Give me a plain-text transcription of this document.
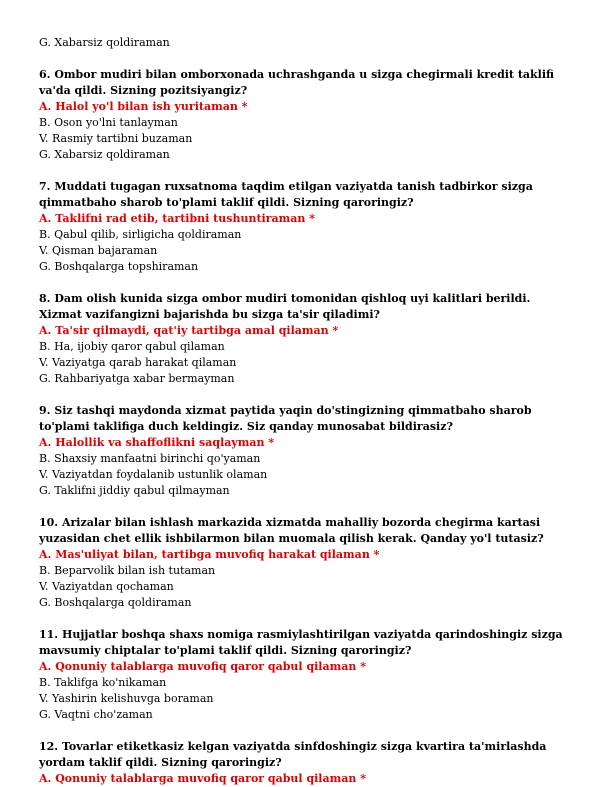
G. Xabarsiz qoldiraman
6. Ombor mudiri bilan omborxonada uchrashganda u sizga chegirmali kredit taklifi
va'da qildi. Sizning pozitsiyangiz?
A. Halol yo'l bilan ish yuritaman *
B. Oson yo'lni tanlayman
V. Rasmiy tartibni buzaman
G. Xabarsiz qoldiraman
7. Muddati tugagan ruxsatnoma taqdim etilgan vaziyatda tanish tadbirkor sizga
qimmatbaho sharob to'plami taklif qildi. Sizning qaroringiz?
A. Taklifni rad etib, tartibni tushuntiraman *
B. Qabul qilib, sirligicha qoldiraman
V. Qisman bajaraman
G. Boshqalarga topshiraman
8. Dam olish kunida sizga ombor mudiri tomonidan qishloq uyi kalitlari berildi.
Xizmat vazifangizni bajarishda bu sizga ta'sir qiladimi?
A. Ta'sir qilmaydi, qat'iy tartibga amal qilaman *
B. Ha, ijobiy qaror qabul qilaman
V. Vaziyatga qarab harakat qilaman
G. Rahbariyatga xabar bermayman
9. Siz tashqi maydonda xizmat paytida yaqin do'stingizning qimmatbaho sharob
to'plami taklifiga duch keldingiz. Siz qanday munosabat bildirasiz?
A. Halollik va shaffoflikni saqlayman *
B. Shaxsiy manfaatni birinchi qo'yaman
V. Vaziyatdan foydalanib ustunlik olaman
G. Taklifni jiddiy qabul qilmayman
10. Arizalar bilan ishlash markazida xizmatda mahalliy bozorda chegirma kartasi
yuzasidan chet ellik ishbilarmon bilan muomala qilish kerak. Qanday yo'l tutasiz?
A. Mas'uliyat bilan, tartibga muvofiq harakat qilaman *
B. Beparvolik bilan ish tutaman
V. Vaziyatdan qochaman
G. Boshqalarga qoldiraman
11. Hujjatlar boshqa shaxs nomiga rasmiylashtirilgan vaziyatda qarindoshingiz sizga
mavsumiy chiptalar to'plami taklif qildi. Sizning qaroringiz?
A. Qonuniy talablarga muvofiq qaror qabul qilaman *
B. Taklifga ko'nikaman
V. Yashirin kelishuvga boraman
G. Vaqtni cho'zaman
12. Tovarlar etiketkasiz kelgan vaziyatda sinfdoshingiz sizga kvartira ta'mirlashda
yordam taklif qildi. Sizning qaroringiz?
A. Qonuniy talablarga muvofiq qaror qabul qilaman *
